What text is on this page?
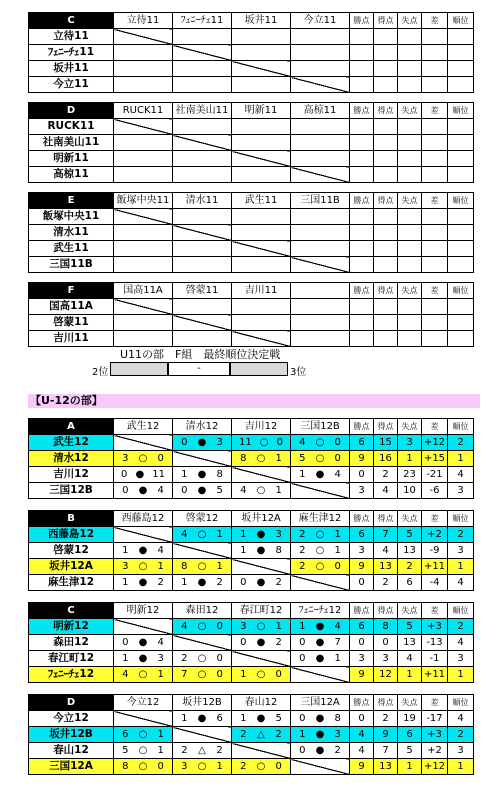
C	立待11	ﾌｪﾆｰﾁｪ11	坂井11	今立11	勝点	得点	失点	差	順位
立待11									
ﾌｪﾆｰﾁｪ11									
坂井11									
今立11									
D	RUCK11	社南美山11	明新11	高椋11	勝点	得点	失点	差	順位
RUCK11									
社南美山11									
明新11									
高椋11									
E	飯塚中央11	清水11	武生11	三国11B	勝点	得点	失点	差	順位
飯塚中央11									
清水11									
武生11									
三国11B									
F	国高11A	啓蒙11	吉川11		勝点	得点	失点	差	順位
国高11A									
啓蒙11									
吉川11									
A	武生12	清水12	吉川12	三国12B	勝点	得点	失点	差	順位
武生12		0 ● 3	11 ○ 0	4 ○ 0	6	15	3	+12	2
清水12	3 ○ 0		8 ○ 1	5 ○ 0	9	16	1	+15	1
吉川12	0 ● 11	1 ● 8		1 ● 4	0	2	23	-21	4
三国12B	0 ● 4	0 ● 5	4 ○ 1		3	4	10	-6	3
B	西藤島12	啓蒙12	坂井12A	麻生津12	勝点	得点	失点	差	順位
西藤島12		4 ○ 1	1 ● 3	2 ○ 1	6	7	5	+2	2
啓蒙12	1 ● 4		1 ● 8	2 ○ 1	3	4	13	-9	3
坂井12A	3 ○ 1	8 ○ 1		2 ○ 0	9	13	2	+11	1
麻生津12	1 ● 2	1 ● 2	0 ● 2		0	2	6	-4	4
C	明新12	森田12	春江町12	ﾌｪﾆｰﾁｪ12	勝点	得点	失点	差	順位
明新12		4 ○ 0	3 ○ 1	1 ● 4	6	8	5	+3	2
森田12	0 ● 4		0 ● 2	0 ● 7	0	0	13	-13	4
春江町12	1 ● 3	2 ○ 0		0 ● 1	3	3	4	-1	3
ﾌｪﾆｰﾁｪ12	4 ○ 1	7 ○ 0	1 ○ 0		9	12	1	+11	1
D	今立12	坂井12B	春山12	三国12A	勝点	得点	失点	差	順位
今立12		1 ● 6	1 ● 5	0 ● 8	0	2	19	-17	4
坂井12B	6 ○ 1		2 △ 2	1 ● 3	4	9	6	+3	2
春山12	5 ○ 1	2 △ 2		0 ● 2	4	7	5	+2	3
三国12A	8 ○ 0	3 ○ 1	2 ○ 0		9	13	1	+12	1
U11の部　F組　最終順位決定戦
2位	-	3位
【U-12の部】
